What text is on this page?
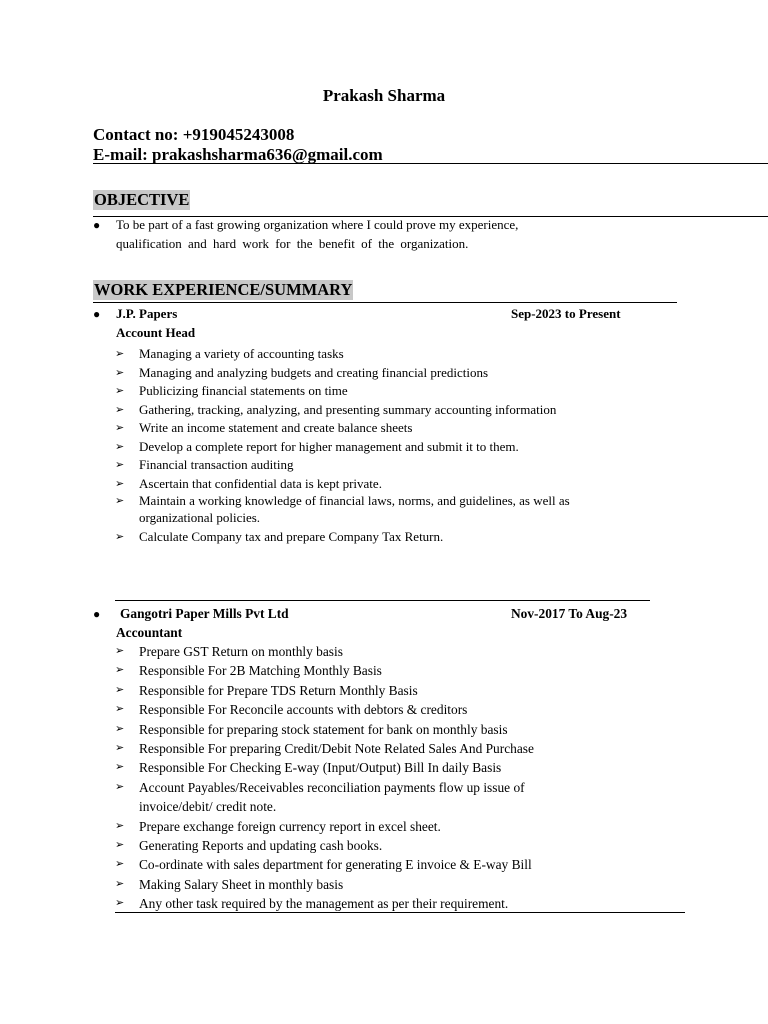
Prakash Sharma
Contact no: +919045243008
E-mail: prakashsharma636@gmail.com
OBJECTIVE
● To be part of a fast growing organization where I could prove my experience,
qualification and hard work for the benefit of the organization.
WORK EXPERIENCE/SUMMARY
● J.P. Papers	Sep-2023 to Present
Account Head
➢ Managing a variety of accounting tasks
➢ Managing and analyzing budgets and creating financial predictions
➢ Publicizing financial statements on time
➢ Gathering, tracking, analyzing, and presenting summary accounting information
➢ Write an income statement and create balance sheets
➢ Develop a complete report for higher management and submit it to them.
➢ Financial transaction auditing
➢ Ascertain that confidential data is kept private.
➢ Maintain a working knowledge of financial laws, norms, and guidelines, as well as
organizational policies.
➢ Calculate Company tax and prepare Company Tax Return.
● Gangotri Paper Mills Pvt Ltd	Nov-2017 To Aug-23
Accountant
➢ Prepare GST Return on monthly basis
➢ Responsible For 2B Matching Monthly Basis
➢ Responsible for Prepare TDS Return Monthly Basis
➢ Responsible For Reconcile accounts with debtors & creditors
➢ Responsible for preparing stock statement for bank on monthly basis
➢ Responsible For preparing Credit/Debit Note Related Sales And Purchase
➢ Responsible For Checking E-way (Input/Output) Bill In daily Basis
➢ Account Payables/Receivables reconciliation payments flow up issue of
invoice/debit/ credit note.
➢ Prepare exchange foreign currency report in excel sheet.
➢ Generating Reports and updating cash books.
➢ Co-ordinate with sales department for generating E invoice & E-way Bill
➢ Making Salary Sheet in monthly basis
➢ Any other task required by the management as per their requirement.
